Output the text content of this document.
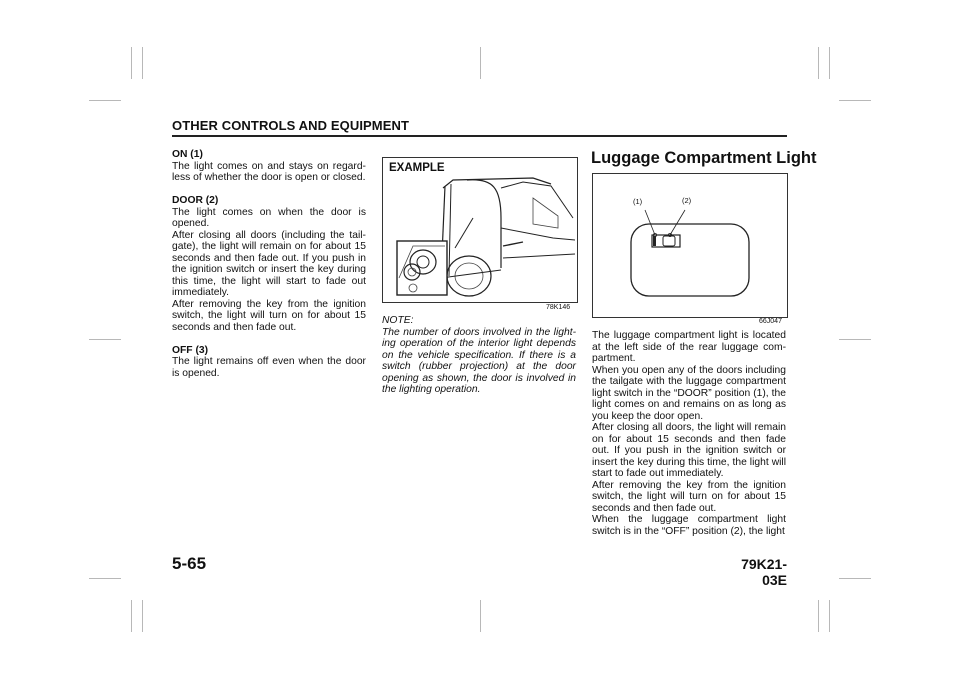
OTHER CONTROLS AND EQUIPMENT

ON (1)

The light comes on and stays on regard-less of whether the door is open or closed.

DOOR (2)

The light comes on when the door is opened.

After closing all doors (including the tail-gate), the light will remain on for about 15 seconds and then fade out. If you push in the ignition switch or insert the key during this time, the light will start to fade out immediately.

After removing the key from the ignition switch, the light will turn on for about 15 seconds and then fade out.

OFF (3)

The light remains off even when the door is opened.

EXAMPLE
78K146

NOTE:

The number of doors involved in the light-ing operation of the interior light depends on the vehicle specification. If there is a switch (rubber projection) at the door opening as shown, the door is involved in the lighting operation.

Luggage Compartment Light
(1)	(2)
66J047

The luggage compartment light is located at the left side of the rear luggage com-partment.

When you open any of the doors including the tailgate with the luggage compartment light switch in the “DOOR” position (1), the light comes on and remains on as long as you keep the door open.

After closing all doors, the light will remain on for about 15 seconds and then fade out. If you push in the ignition switch or insert the key during this time, the light will start to fade out immediately.

After removing the key from the ignition switch, the light will turn on for about 15 seconds and then fade out.

When the luggage compartment light switch is in the “OFF” position (2), the light

5-65	79K21-03E
